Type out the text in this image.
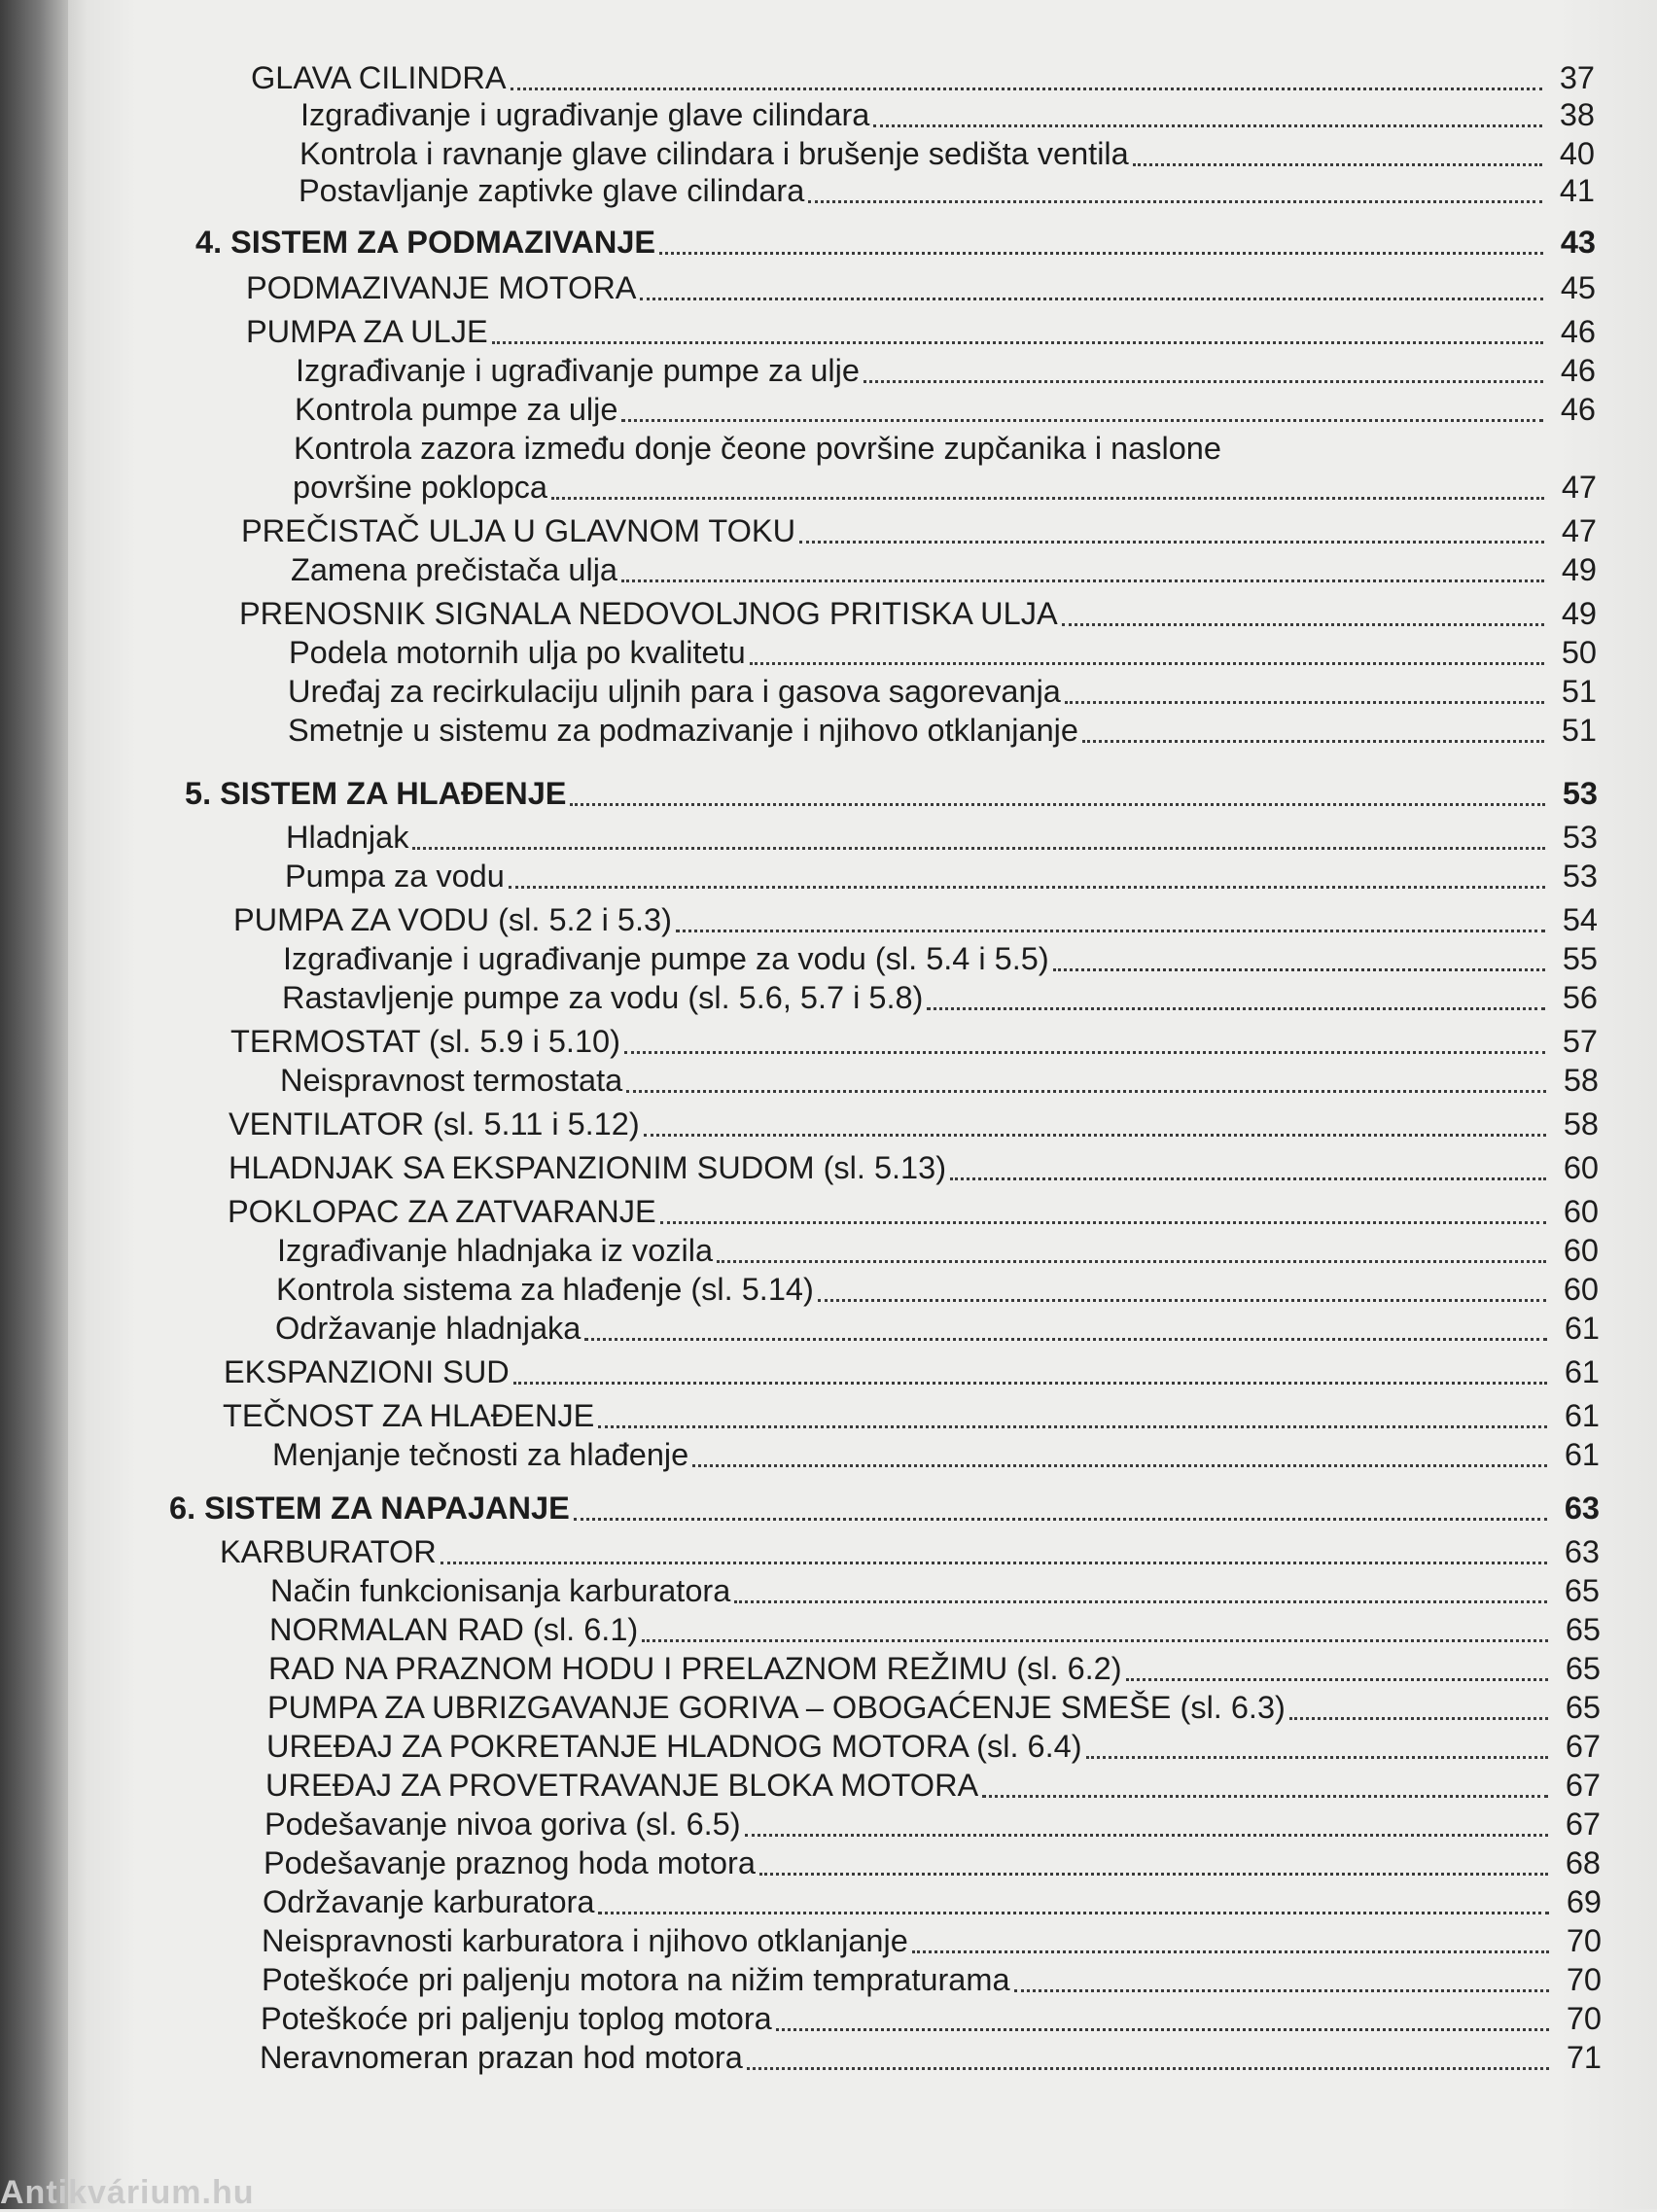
GLAVA CILINDRA	37
Izgrađivanje i ugrađivanje glave cilindara	38
Kontrola i ravnanje glave cilindara i brušenje sedišta ventila	40
Postavljanje zaptivke glave cilindara	41
4. SISTEM ZA PODMAZIVANJE	43
PODMAZIVANJE MOTORA	45
PUMPA ZA ULJE	46
Izgrađivanje i ugrađivanje pumpe za ulje	46
Kontrola pumpe za ulje	46
Kontrola zazora između donje čeone površine zupčanika i naslone
površine poklopca	47
PREČISTAČ ULJA U GLAVNOM TOKU	47
Zamena prečistača ulja	49
PRENOSNIK SIGNALA NEDOVOLJNOG PRITISKA ULJA	49
Podela motornih ulja po kvalitetu	50
Uređaj za recirkulaciju uljnih para i gasova sagorevanja	51
Smetnje u sistemu za podmazivanje i njihovo otklanjanje	51
5. SISTEM ZA HLAĐENJE	53
Hladnjak	53
Pumpa za vodu	53
PUMPA ZA VODU (sl. 5.2 i 5.3)	54
Izgrađivanje i ugrađivanje pumpe za vodu (sl. 5.4 i 5.5)	55
Rastavljenje pumpe za vodu (sl. 5.6, 5.7 i 5.8)	56
TERMOSTAT (sl. 5.9 i 5.10)	57
Neispravnost termostata	58
VENTILATOR (sl. 5.11 i 5.12)	58
HLADNJAK SA EKSPANZIONIM SUDOM (sl. 5.13)	60
POKLOPAC ZA ZATVARANJE	60
Izgrađivanje hladnjaka iz vozila	60
Kontrola sistema za hlađenje (sl. 5.14)	60
Održavanje hladnjaka	61
EKSPANZIONI SUD	61
TEČNOST ZA HLAĐENJE	61
Menjanje tečnosti za hlađenje	61
6. SISTEM ZA NAPAJANJE	63
KARBURATOR	63
Način funkcionisanja karburatora	65
NORMALAN RAD (sl. 6.1)	65
RAD NA PRAZNOM HODU I PRELAZNOM REŽIMU (sl. 6.2)	65
PUMPA ZA UBRIZGAVANJE GORIVA – OBOGAĆENJE SMEŠE (sl. 6.3)	65
UREĐAJ ZA POKRETANJE HLADNOG MOTORA (sl. 6.4)	67
UREĐAJ ZA PROVETRAVANJE BLOKA MOTORA	67
Podešavanje nivoa goriva (sl. 6.5)	67
Podešavanje praznog hoda motora	68
Održavanje karburatora	69
Neispravnosti karburatora i njihovo otklanjanje	70
Poteškoće pri paljenju motora na nižim tempraturama	70
Poteškoće pri paljenju toplog motora	70
Neravnomeran prazan hod motora	71
Antikvárium.hu
